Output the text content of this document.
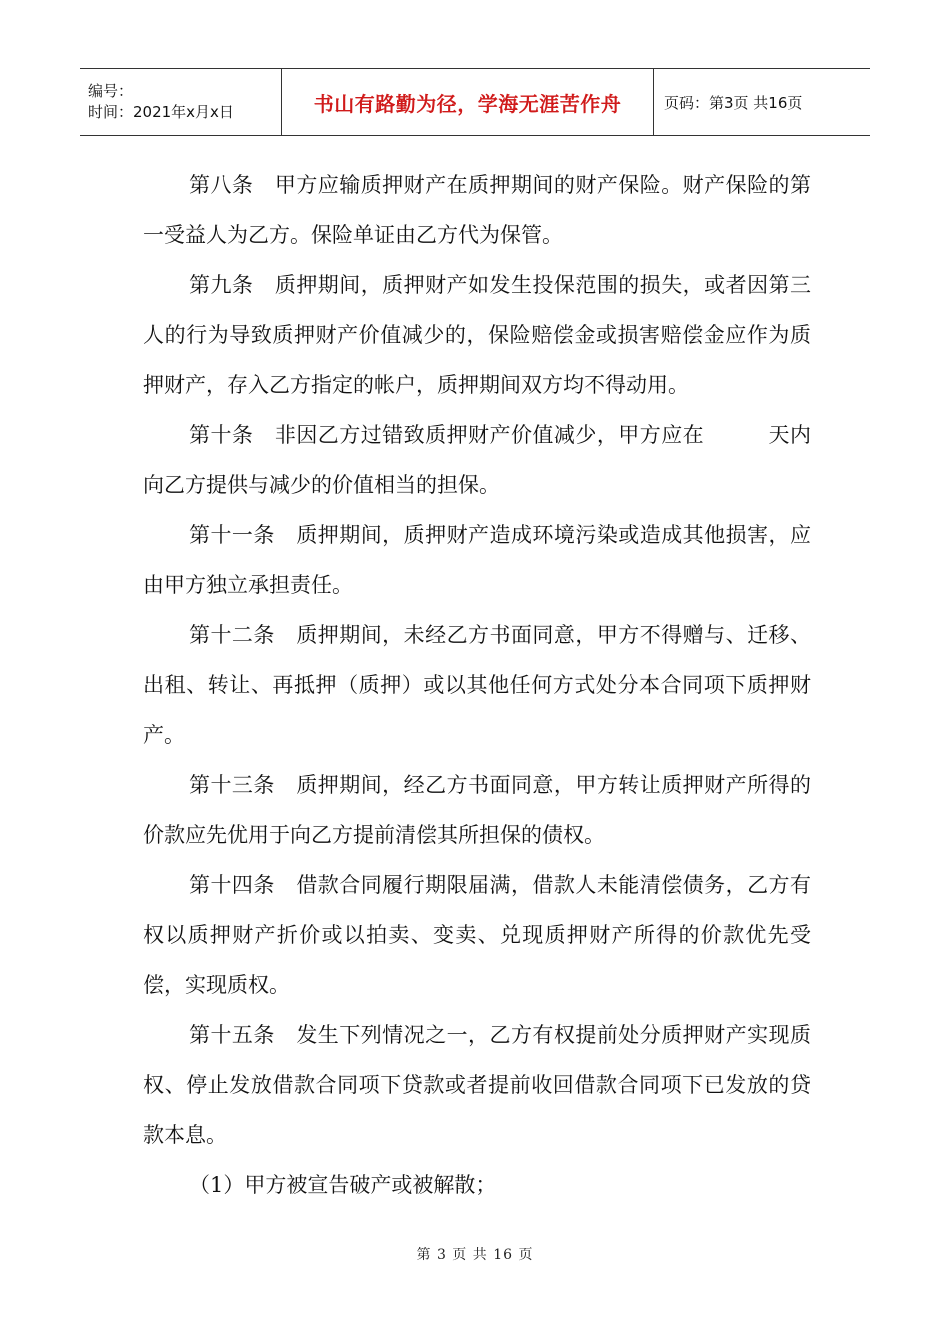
编号：
时间：2021年x月x日	书山有路勤为径，学海无涯苦作舟	页码：第3页 共16页

第八条　甲方应输质押财产在质押期间的财产保险。财产保险的第一受益人为乙方。保险单证由乙方代为保管。

第九条　质押期间，质押财产如发生投保范围的损失，或者因第三人的行为导致质押财产价值减少的，保险赔偿金或损害赔偿金应作为质押财产，存入乙方指定的帐户，质押期间双方均不得动用。

第十条　非因乙方过错致质押财产价值减少，甲方应在　　　天内向乙方提供与减少的价值相当的担保。

第十一条　质押期间，质押财产造成环境污染或造成其他损害，应由甲方独立承担责任。

第十二条　质押期间，未经乙方书面同意，甲方不得赠与、迁移、出租、转让、再抵押（质押）或以其他任何方式处分本合同项下质押财产。

第十三条　质押期间，经乙方书面同意，甲方转让质押财产所得的价款应先优用于向乙方提前清偿其所担保的债权。

第十四条　借款合同履行期限届满，借款人未能清偿债务，乙方有权以质押财产折价或以拍卖、变卖、兑现质押财产所得的价款优先受偿，实现质权。

第十五条　发生下列情况之一，乙方有权提前处分质押财产实现质权、停止发放借款合同项下贷款或者提前收回借款合同项下已发放的贷款本息。

（1）甲方被宣告破产或被解散；

第 3 页 共 16 页
